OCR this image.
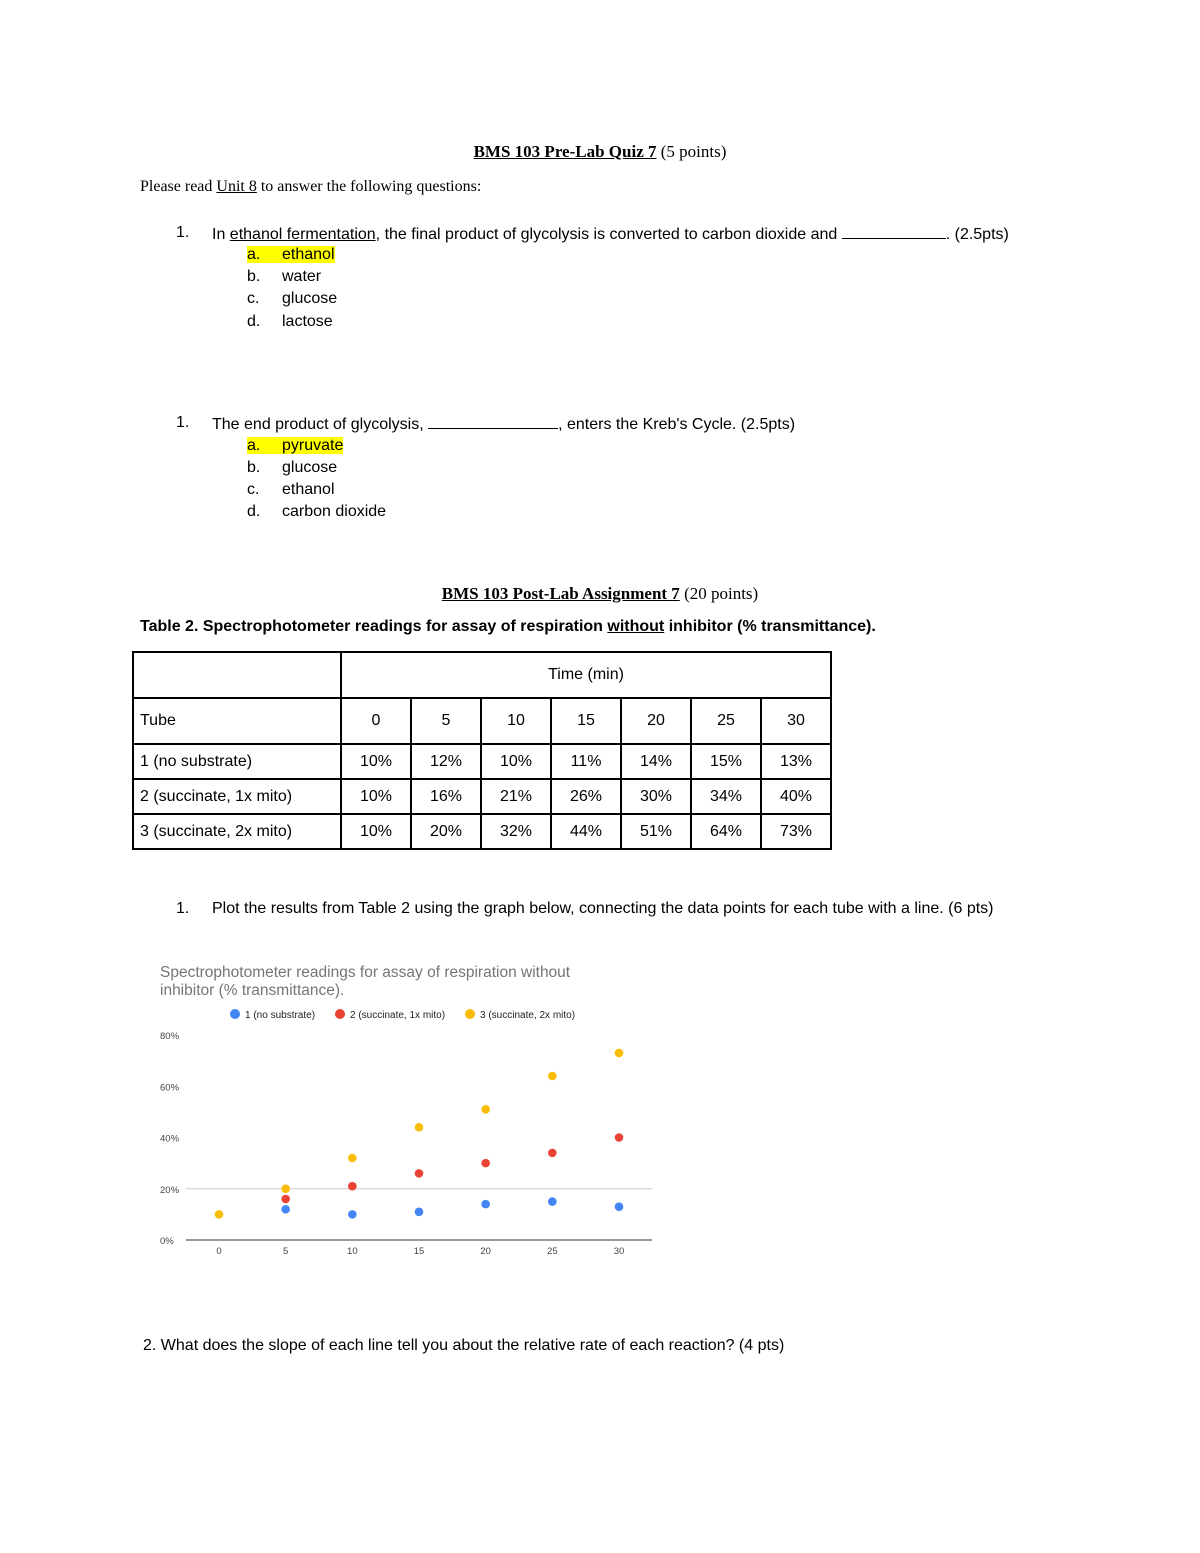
BMS 103 Pre-Lab Quiz 7 (5 points)
Please read Unit 8 to answer the following questions:
1. In ethanol fermentation, the final product of glycolysis is converted to carbon dioxide and	. (2.5pts)
a.	ethanol
b. water
c. glucose
d. lactose
1. The end product of glycolysis,	, enters the Kreb's Cycle. (2.5pts)
a.	pyruvate
b. glucose
c. ethanol
d. carbon dioxide
BMS 103 Post-Lab Assignment 7 (20 points)
Table 2. Spectrophotometer readings for assay of respiration without inhibitor (% transmittance).
	Time (min)						
Tube	0	5	10	15	20	25	30
1 (no substrate)	10%	12%	10%	11%	14%	15%	13%
2 (succinate, 1x mito)	10%	16%	21%	26%	30%	34%	40%
3 (succinate, 2x mito)	10%	20%	32%	44%	51%	64%	73%
1. Plot the results from Table 2 using the graph below, connecting the data points for each tube with a line. (6 pts)
Spectrophotometer readings for assay of respiration without
inhibitor (% transmittance).
1 (no substrate)	2 (succinate, 1x mito)	3 (succinate, 2x mito)
0%
20%
40%
60%
80%
0	5	10	15	20	25	30
2. What does the slope of each line tell you about the relative rate of each reaction? (4 pts)
